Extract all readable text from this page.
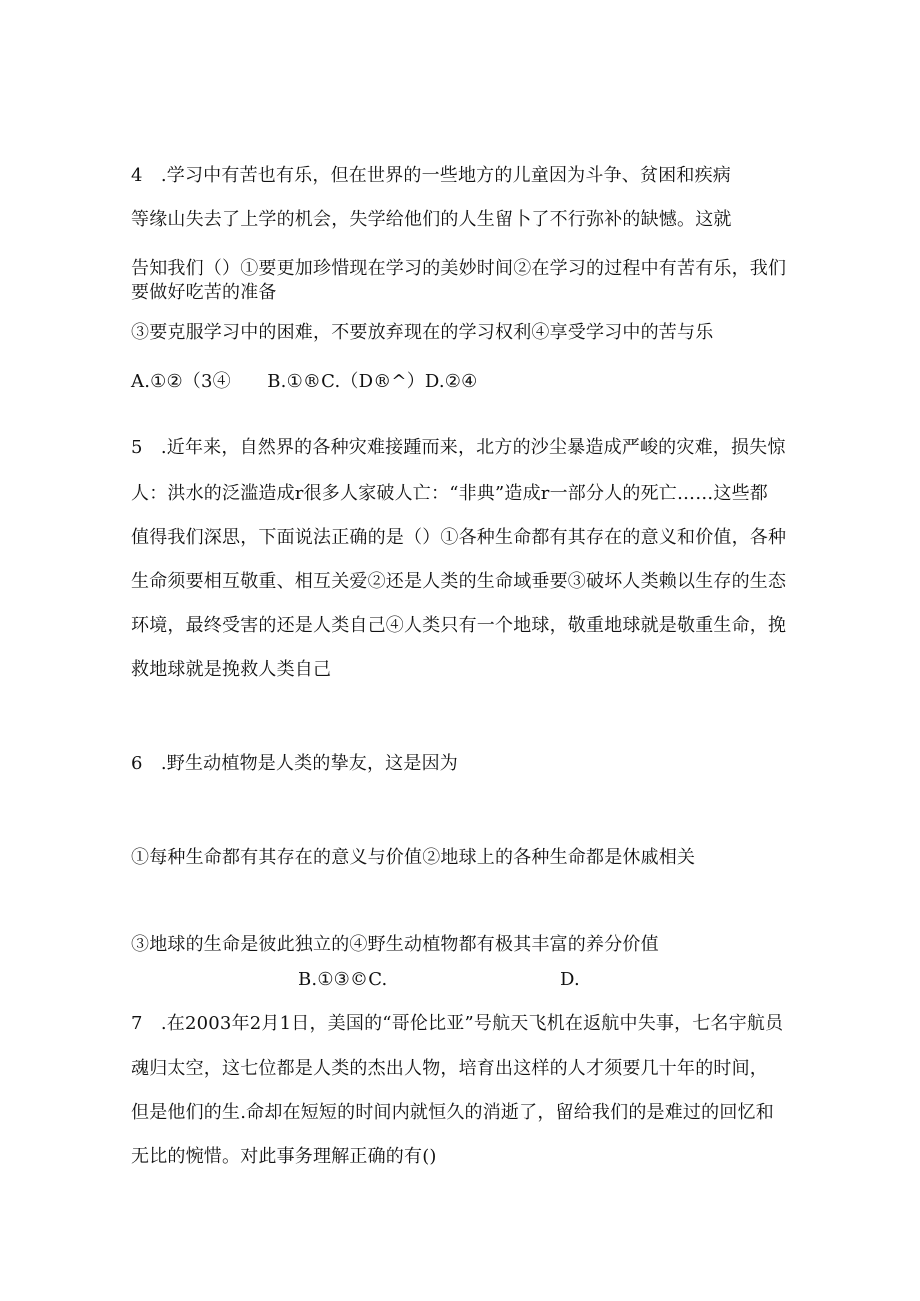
4　.学习中有苦也有乐，但在世界的一些地方的儿童因为斗争、贫困和疾病
等缘山失去了上学的机会，失学给他们的人生留卜了不行弥补的缺憾。这就
告知我们（）①要更加珍惜现在学习的美妙时间②在学习的过程中有苦有乐，我们
要做好吃苦的准备
③要克服学习中的困难，不要放弃现在的学习权利④享受学习中的苦与乐
A.①②（3④　　B.①®C.（D®^）D.②④
5　.近年来，自然界的各种灾难接踵而来，北方的沙尘暴造成严峻的灾难，损失惊
人：洪水的泛滥造成r很多人家破人亡：“非典”造成r一部分人的死亡……这些都
值得我们深思，下面说法正确的是（）①各种生命都有其存在的意义和价值，各种
生命须要相互敬重、相互关爱②还是人类的生命域垂要③破坏人类赖以生存的生态
环境，最终受害的还是人类自己④人类只有一个地球，敬重地球就是敬重生命，挽
救地球就是挽救人类自己
6　.野生动植物是人类的挚友，这是因为
①每种生命都有其存在的意义与价值②地球上的各种生命都是休戚相关
③地球的生命是彼此独立的④野生动植物都有极其丰富的养分价值
B.①③©C.	D.
7　.在2003年2月1日，美国的“哥伦比亚”号航天飞机在返航中失事，七名宇航员
魂归太空，这七位都是人类的杰出人物，培育出这样的人才须要几十年的时间，
但是他们的生.命却在短短的时间内就恒久的消逝了，留给我们的是难过的回忆和
无比的惋惜。对此事务理解正确的有()
